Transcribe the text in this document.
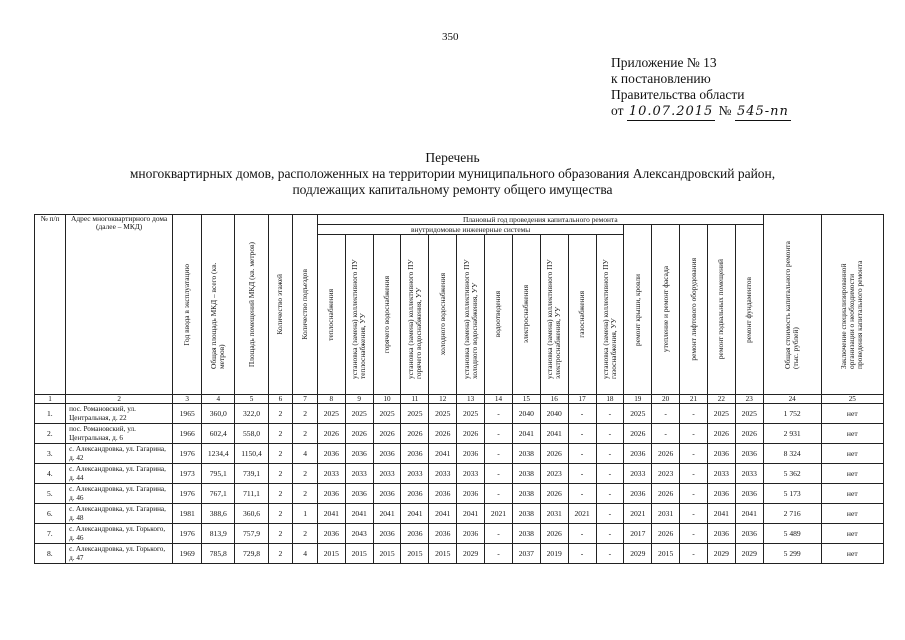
350
Приложение № 13
к постановлению
Правительства области
от 10.07.2015 № 545-пп
Перечень
многоквартирных домов, расположенных на территории муниципального образования Александровский район,
подлежащих капитальному ремонту общего имущества
№ п/п	Адрес многоквартирного дома (далее – МКД)	Год ввода в эксплуатацию	Общая площадь МКД – всего (кв. метров)	Площадь помещений МКД (кв. метров)	Количество этажей	Количество подъездов	Плановый год проведения капитального ремонта																Общая стоимость капитального ремонта (тыс. рублей)	Заключение специализированной организации о необходимости проведения капитального ремонта

							внутридомовые инженерные системы											ремонт крыши, кровли	утепление и ремонт фасада	ремонт лифтового оборудования	ремонт подвальных помещений	ремонт фундаментов		

							теплоснабжения	установка (замена) коллективного ПУ теплоснабжения, УУ	горячего водоснабжения	установка (замена) коллективного ПУ горячего водоснабжения, УУ	холодного водоснабжения	установка (замена) коллективного ПУ холодного водоснабжения, УУ	водоотведения	электроснабжения	установка (замена) коллективного ПУ электроснабжения, УУ	газоснабжения	установка (замена) коллективного ПУ газоснабжения, УУ							

1	2	3	4	5	6	7	8	9	10	11	12	13	14	15	16	17	18	19	20	21	22	23	24	25
1.	пос. Романовский, ул. Центральная, д. 22	1965	360,0	322,0	2	2	2025	2025	2025	2025	2025	2025	-	2040	2040	-	-	2025	-	-	2025	2025	1 752	нет
2.	пос. Романовский, ул. Центральная, д. 6	1966	602,4	558,0	2	2	2026	2026	2026	2026	2026	2026	-	2041	2041	-	-	2026	-	-	2026	2026	2 931	нет
3.	с. Александровка, ул. Гагарина, д. 42	1976	1234,4	1150,4	2	4	2036	2036	2036	2036	2041	2036	-	2038	2026	-	-	2036	2026	-	2036	2036	8 324	нет
4.	с. Александровка, ул. Гагарина, д. 44	1973	795,1	739,1	2	2	2033	2033	2033	2033	2033	2033	-	2038	2023	-	-	2033	2023	-	2033	2033	5 362	нет
5.	с. Александровка, ул. Гагарина, д. 46	1976	767,1	711,1	2	2	2036	2036	2036	2036	2036	2036	-	2038	2026	-	-	2036	2026	-	2036	2036	5 173	нет
6.	с. Александровка, ул. Гагарина, д. 48	1981	388,6	360,6	2	1	2041	2041	2041	2041	2041	2041	2021	2038	2031	2021	-	2021	2031	-	2041	2041	2 716	нет
7.	с. Александровка, ул. Горького, д. 46	1976	813,9	757,9	2	2	2036	2043	2036	2036	2036	2036	-	2038	2026	-	-	2017	2026	-	2036	2036	5 489	нет
8.	с. Александровка, ул. Горького, д. 47	1969	785,8	729,8	2	4	2015	2015	2015	2015	2015	2029	-	2037	2019	-	-	2029	2015	-	2029	2029	5 299	нет
